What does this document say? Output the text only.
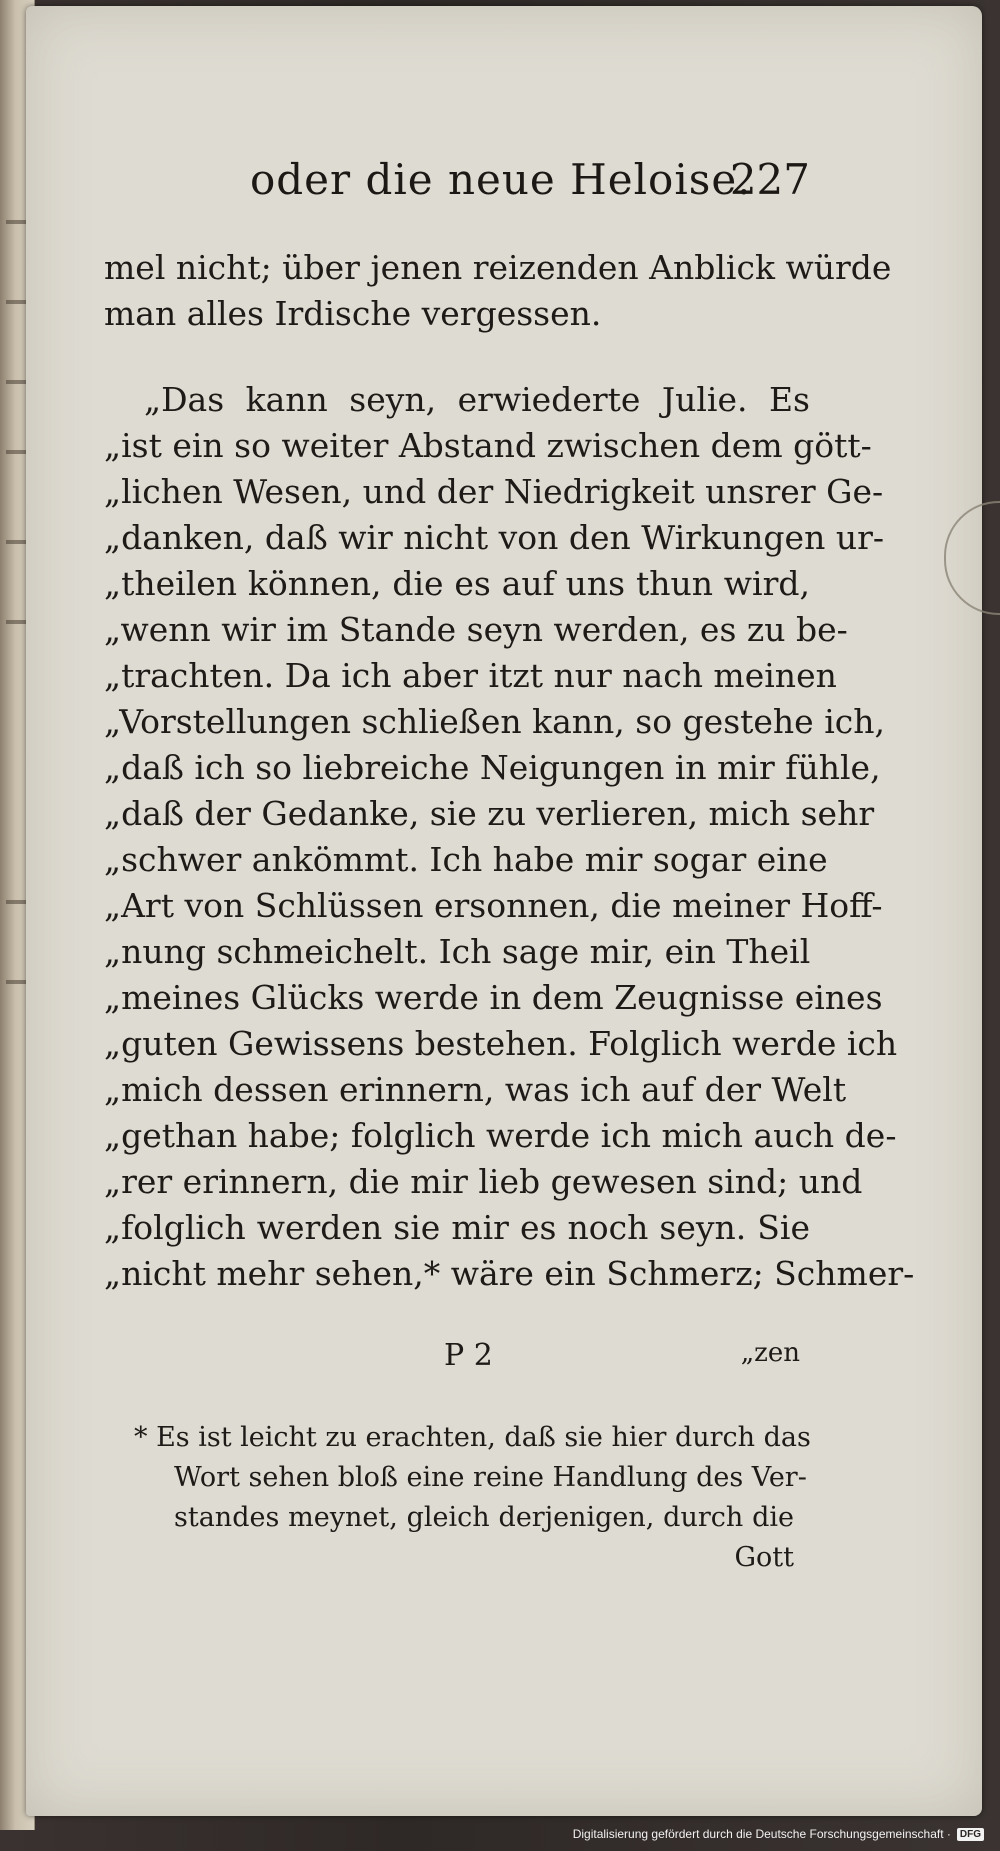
oder die neue Heloise.
227
mel nicht; über jenen reizenden Anblick würde
man alles Irdische vergessen.
„Das kann seyn, erwiederte Julie. Es
„ist ein so weiter Abstand zwischen dem gött-
„lichen Wesen, und der Niedrigkeit unsrer Ge-
„danken, daß wir nicht von den Wirkungen ur-
„theilen können, die es auf uns thun wird,
„wenn wir im Stande seyn werden, es zu be-
„trachten. Da ich aber itzt nur nach meinen
„Vorstellungen schließen kann, so gestehe ich,
„daß ich so liebreiche Neigungen in mir fühle,
„daß der Gedanke, sie zu verlieren, mich sehr
„schwer ankömmt. Ich habe mir sogar eine
„Art von Schlüssen ersonnen, die meiner Hoff-
„nung schmeichelt. Ich sage mir, ein Theil
„meines Glücks werde in dem Zeugnisse eines
„guten Gewissens bestehen. Folglich werde ich
„mich dessen erinnern, was ich auf der Welt
„gethan habe; folglich werde ich mich auch de-
„rer erinnern, die mir lieb gewesen sind; und
„folglich werden sie mir es noch seyn. Sie
„nicht mehr sehen,* wäre ein Schmerz; Schmer-
P 2	„zen
* Es ist leicht zu erachten, daß sie hier durch das
Wort sehen bloß eine reine Handlung des Ver-
standes meynet, gleich derjenigen, durch die
Gott
Digitalisierung gefördert durch die Deutsche Forschungsgemeinschaft · DFG
